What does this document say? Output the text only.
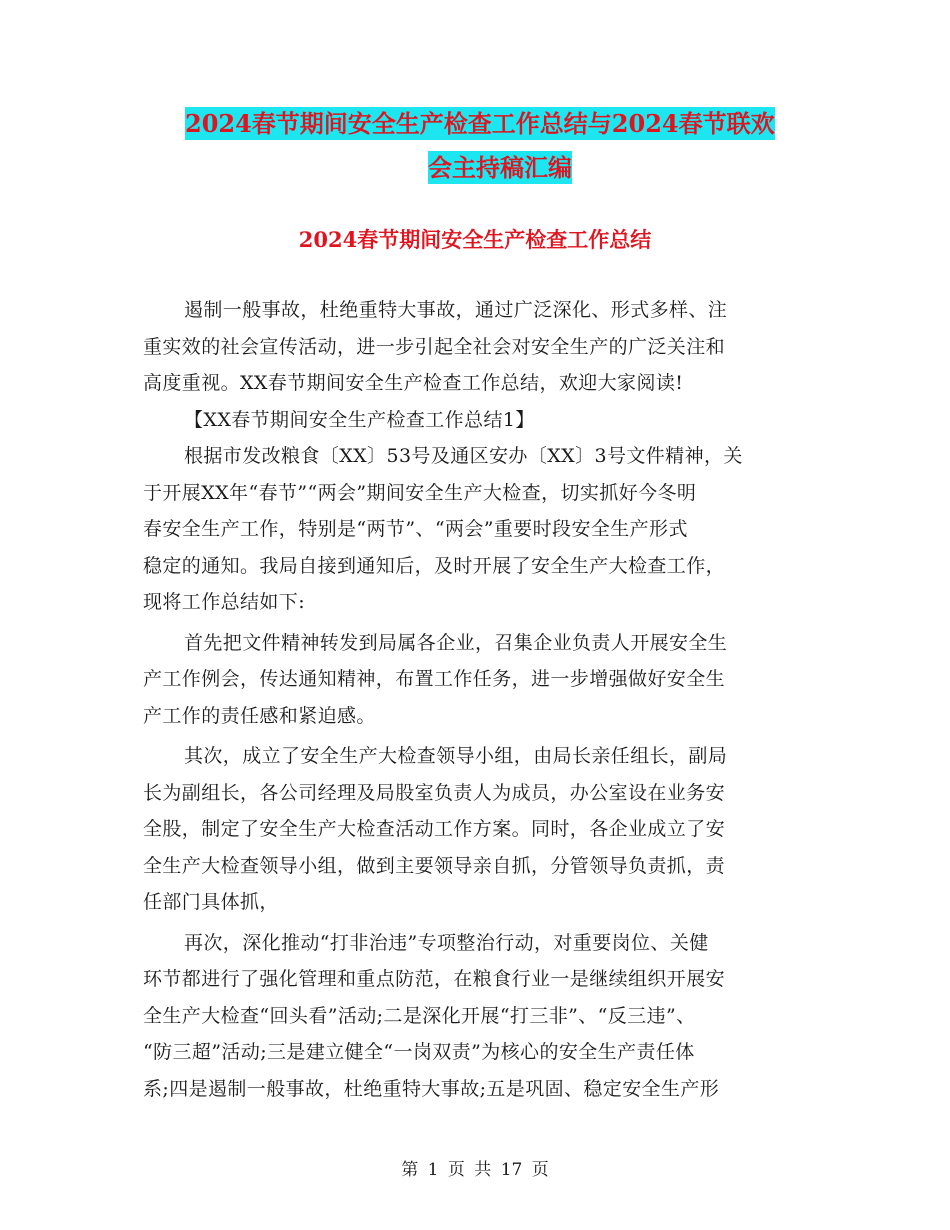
2024春节期间安全生产检查工作总结与2024春节联欢
会主持稿汇编
2024春节期间安全生产检查工作总结
遏制一般事故，杜绝重特大事故，通过广泛深化、形式多样、注
重实效的社会宣传活动，进一步引起全社会对安全生产的广泛关注和
高度重视。XX春节期间安全生产检查工作总结，欢迎大家阅读!
【XX春节期间安全生产检查工作总结1】
根据市发改粮食〔XX〕53号及通区安办〔XX〕3号文件精神，关
于开展XX年“春节”“两会”期间安全生产大检查，切实抓好今冬明
春安全生产工作，特别是“两节”、“两会”重要时段安全生产形式
稳定的通知。我局自接到通知后，及时开展了安全生产大检查工作，
现将工作总结如下:
首先把文件精神转发到局属各企业，召集企业负责人开展安全生
产工作例会，传达通知精神，布置工作任务，进一步增强做好安全生
产工作的责任感和紧迫感。
其次，成立了安全生产大检查领导小组，由局长亲任组长，副局
长为副组长，各公司经理及局股室负责人为成员，办公室设在业务安
全股，制定了安全生产大检查活动工作方案。同时，各企业成立了安
全生产大检查领导小组，做到主要领导亲自抓，分管领导负责抓，责
任部门具体抓，
再次，深化推动“打非治违”专项整治行动，对重要岗位、关健
环节都进行了强化管理和重点防范，在粮食行业一是继续组织开展安
全生产大检查“回头看”活动;二是深化开展“打三非”、“反三违”、
“防三超”活动;三是建立健全“一岗双责”为核心的安全生产责任体
系;四是遏制一般事故，杜绝重特大事故;五是巩固、稳定安全生产形
第 1 页 共 17 页
